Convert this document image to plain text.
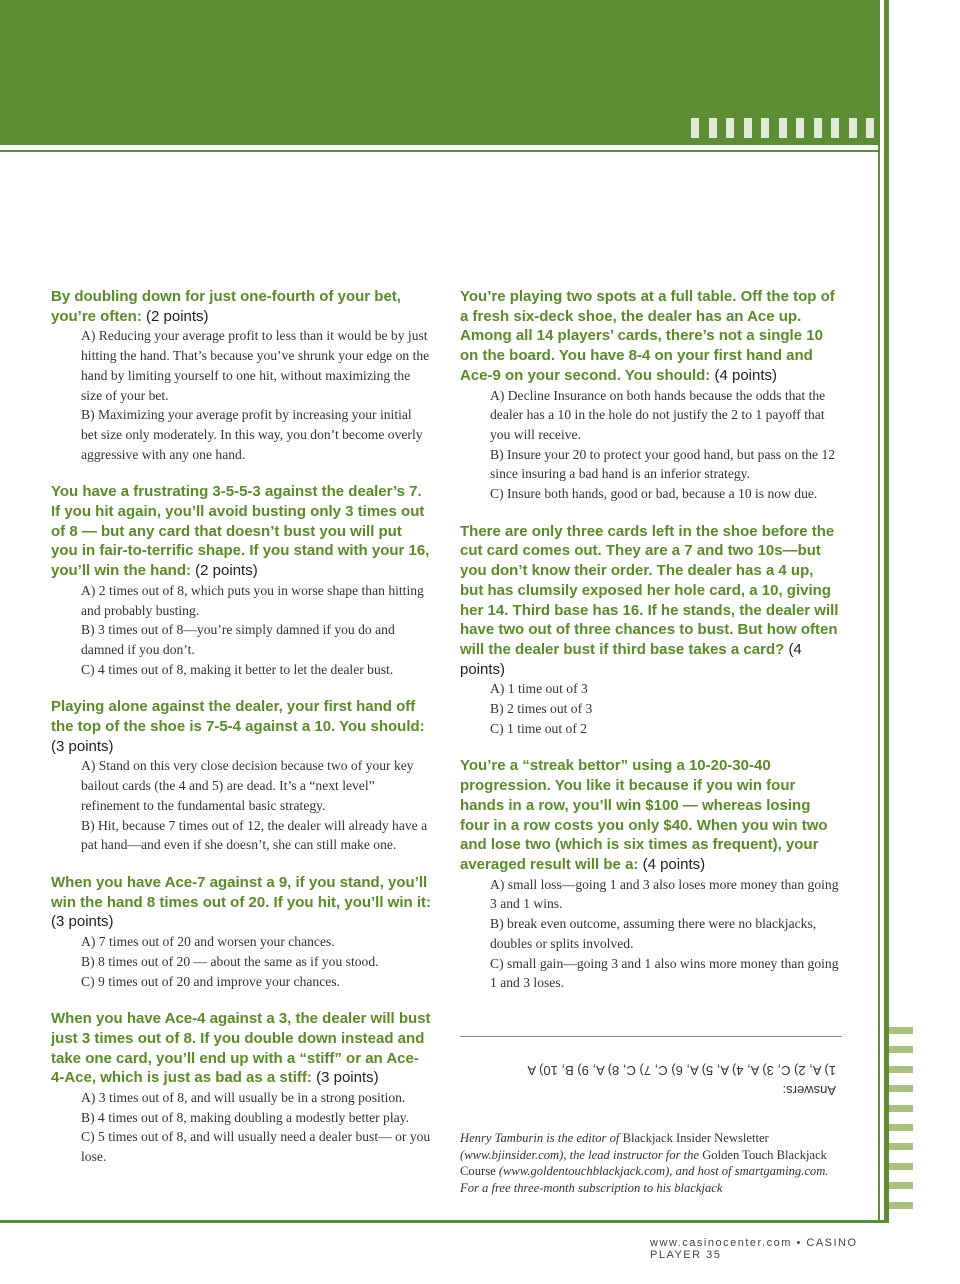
By doubling down for just one-fourth of your bet, you’re often: (2 points)

A) Reducing your average profit to less than it would be by just hitting the hand. That’s because you’ve shrunk your edge on the hand by limiting yourself to one hit, without maximizing the size of your bet.

B) Maximizing your average profit by increasing your initial bet size only moderately. In this way, you don’t become overly aggressive with any one hand.

You have a frustrating 3-5-5-3 against the dealer’s 7. If you hit again, you’ll avoid busting only 3 times out of 8 — but any card that doesn’t bust you will put you in fair-to-terrific shape. If you stand with your 16, you’ll win the hand: (2 points)

A) 2 times out of 8, which puts you in worse shape than hitting and probably busting.

B) 3 times out of 8—you’re simply damned if you do and damned if you don’t.

C) 4 times out of 8, making it better to let the dealer bust.

Playing alone against the dealer, your first hand off the top of the shoe is 7-5-4 against a 10. You should: (3 points)

A) Stand on this very close decision because two of your key bailout cards (the 4 and 5) are dead. It’s a “next level” refinement to the fundamental basic strategy.

B) Hit, because 7 times out of 12, the dealer will already have a pat hand—and even if she doesn’t, she can still make one.

When you have Ace-7 against a 9, if you stand, you’ll win the hand 8 times out of 20. If you hit, you’ll win it: (3 points)

A) 7 times out of 20 and worsen your chances.

B) 8 times out of 20 — about the same as if you stood.

C) 9 times out of 20 and improve your chances.

When you have Ace-4 against a 3, the dealer will bust just 3 times out of 8. If you double down instead and take one card, you’ll end up with a “stiff” or an Ace-4-Ace, which is just as bad as a stiff: (3 points)

A) 3 times out of 8, and will usually be in a strong position.

B) 4 times out of 8, making doubling a modestly better play.

C) 5 times out of 8, and will usually need a dealer bust— or you lose.

You’re playing two spots at a full table. Off the top of a fresh six-deck shoe, the dealer has an Ace up. Among all 14 players’ cards, there’s not a single 10 on the board. You have 8-4 on your first hand and Ace-9 on your second. You should: (4 points)

A) Decline Insurance on both hands because the odds that the dealer has a 10 in the hole do not justify the 2 to 1 payoff that you will receive.

B) Insure your 20 to protect your good hand, but pass on the 12 since insuring a bad hand is an inferior strategy.

C) Insure both hands, good or bad, because a 10 is now due.

There are only three cards left in the shoe before the cut card comes out. They are a 7 and two 10s—but you don’t know their order. The dealer has a 4 up, but has clumsily exposed her hole card, a 10, giving her 14. Third base has 16. If he stands, the dealer will have two out of three chances to bust. But how often will the dealer bust if third base takes a card? (4 points)

A) 1 time out of 3

B) 2 times out of 3

C) 1 time out of 2

You’re a “streak bettor” using a 10-20-30-40 progression. You like it because if you win four hands in a row, you’ll win $100 — whereas losing four in a row costs you only $40. When you win two and lose two (which is six times as frequent), your averaged result will be a: (4 points)

A) small loss—going 1 and 3 also loses more money than going 3 and 1 wins.

B) break even outcome, assuming there were no blackjacks, doubles or splits involved.

C) small gain—going 3 and 1 also wins more money than going 1 and 3 loses.

Answers:
1) A, 2) C, 3) A, 4) A, 5) A, 6) C, 7) C, 8) A, 9) B, 10) A
Henry Tamburin is the editor of Blackjack Insider Newsletter (www.bjinsider.com), the lead instructor for the Golden Touch Blackjack Course (www.goldentouchblackjack.com), and host of smartgaming.com. For a free three-month subscription to his blackjack
www.casinocenter.com • CASINO PLAYER 35
